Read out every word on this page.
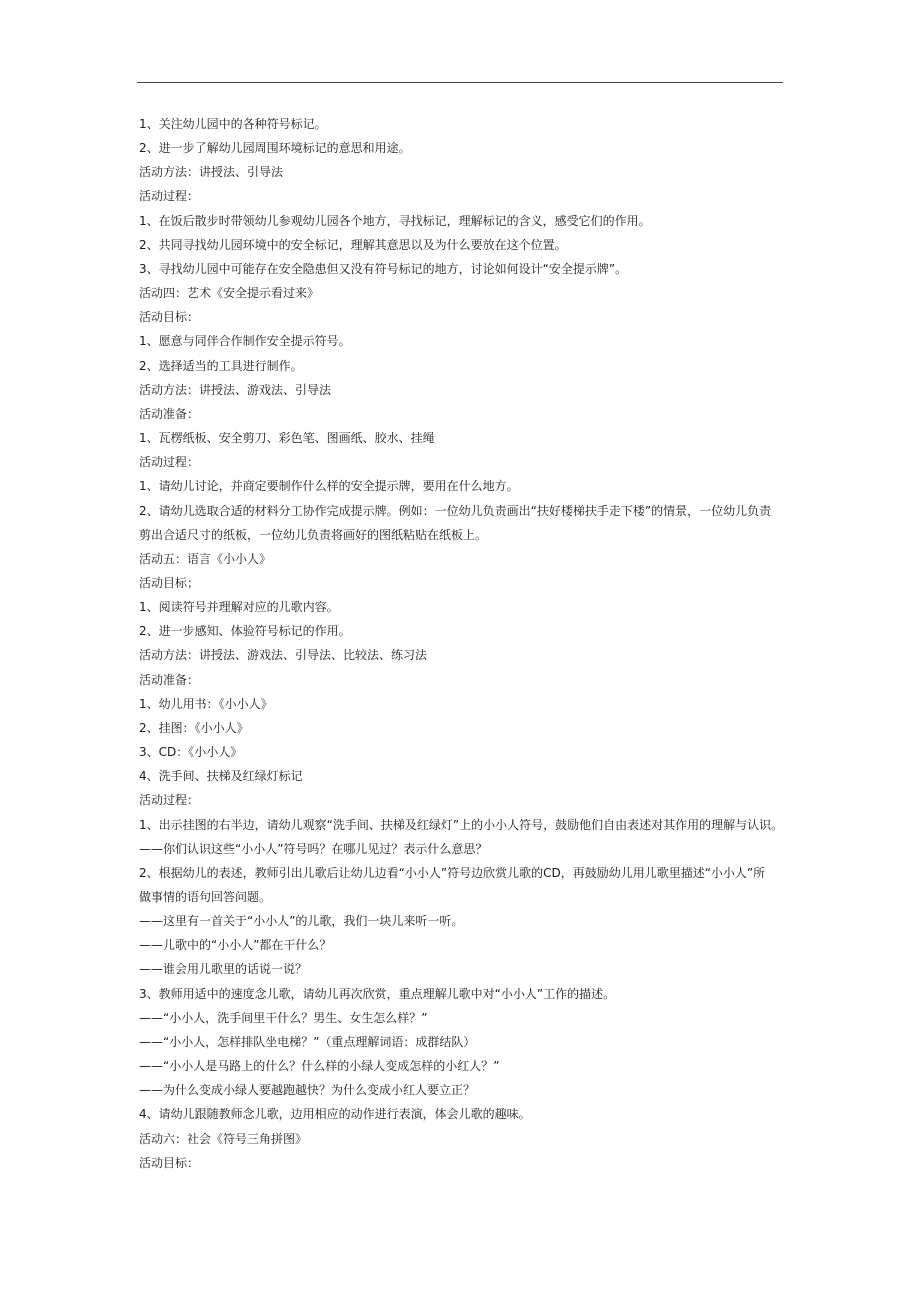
1、关注幼儿园中的各种符号标记。
2、进一步了解幼儿园周围环境标记的意思和用途。
活动方法：讲授法、引导法
活动过程：
1、在饭后散步时带领幼儿参观幼儿园各个地方，寻找标记，理解标记的含义，感受它们的作用。
2、共同寻找幼儿园环境中的安全标记，理解其意思以及为什么要放在这个位置。
3、寻找幼儿园中可能存在安全隐患但又没有符号标记的地方，讨论如何设计“安全提示牌”。
活动四：艺术《安全提示看过来》
活动目标：
1、愿意与同伴合作制作安全提示符号。
2、选择适当的工具进行制作。
活动方法：讲授法、游戏法、引导法
活动准备：
1、瓦楞纸板、安全剪刀、彩色笔、图画纸、胶水、挂绳
活动过程：
1、请幼儿讨论，并商定要制作什么样的安全提示牌，要用在什么地方。
2、请幼儿选取合适的材料分工协作完成提示牌。例如：一位幼儿负责画出“扶好楼梯扶手走下楼”的情景，一位幼儿负责
剪出合适尺寸的纸板，一位幼儿负责将画好的图纸粘贴在纸板上。
活动五：语言《小小人》
活动目标；
1、阅读符号并理解对应的儿歌内容。
2、进一步感知、体验符号标记的作用。
活动方法：讲授法、游戏法、引导法、比较法、练习法
活动准备：
1、幼儿用书：《小小人》
2、挂图：《小小人》
3、CD：《小小人》
4、洗手间、扶梯及红绿灯标记
活动过程：
1、出示挂图的右半边，请幼儿观察“洗手间、扶梯及红绿灯”上的小小人符号，鼓励他们自由表述对其作用的理解与认识。
——你们认识这些“小小人”符号吗？在哪儿见过？表示什么意思？
2、根据幼儿的表述，教师引出儿歌后让幼儿边看“小小人”符号边欣赏儿歌的CD，再鼓励幼儿用儿歌里描述“小小人”所
做事情的语句回答问题。
——这里有一首关于“小小人”的儿歌，我们一块儿来听一听。
——儿歌中的“小小人”都在干什么？
——谁会用儿歌里的话说一说？
3、教师用适中的速度念儿歌，请幼儿再次欣赏，重点理解儿歌中对“小小人”工作的描述。
——“小小人，洗手间里干什么？男生、女生怎么样？”
——“小小人，怎样排队坐电梯？”（重点理解词语：成群结队）
——“小小人是马路上的什么？什么样的小绿人变成怎样的小红人？”
——为什么变成小绿人要越跑越快？为什么变成小红人要立正？
4、请幼儿跟随教师念儿歌，边用相应的动作进行表演，体会儿歌的趣味。
活动六：社会《符号三角拼图》
活动目标：
